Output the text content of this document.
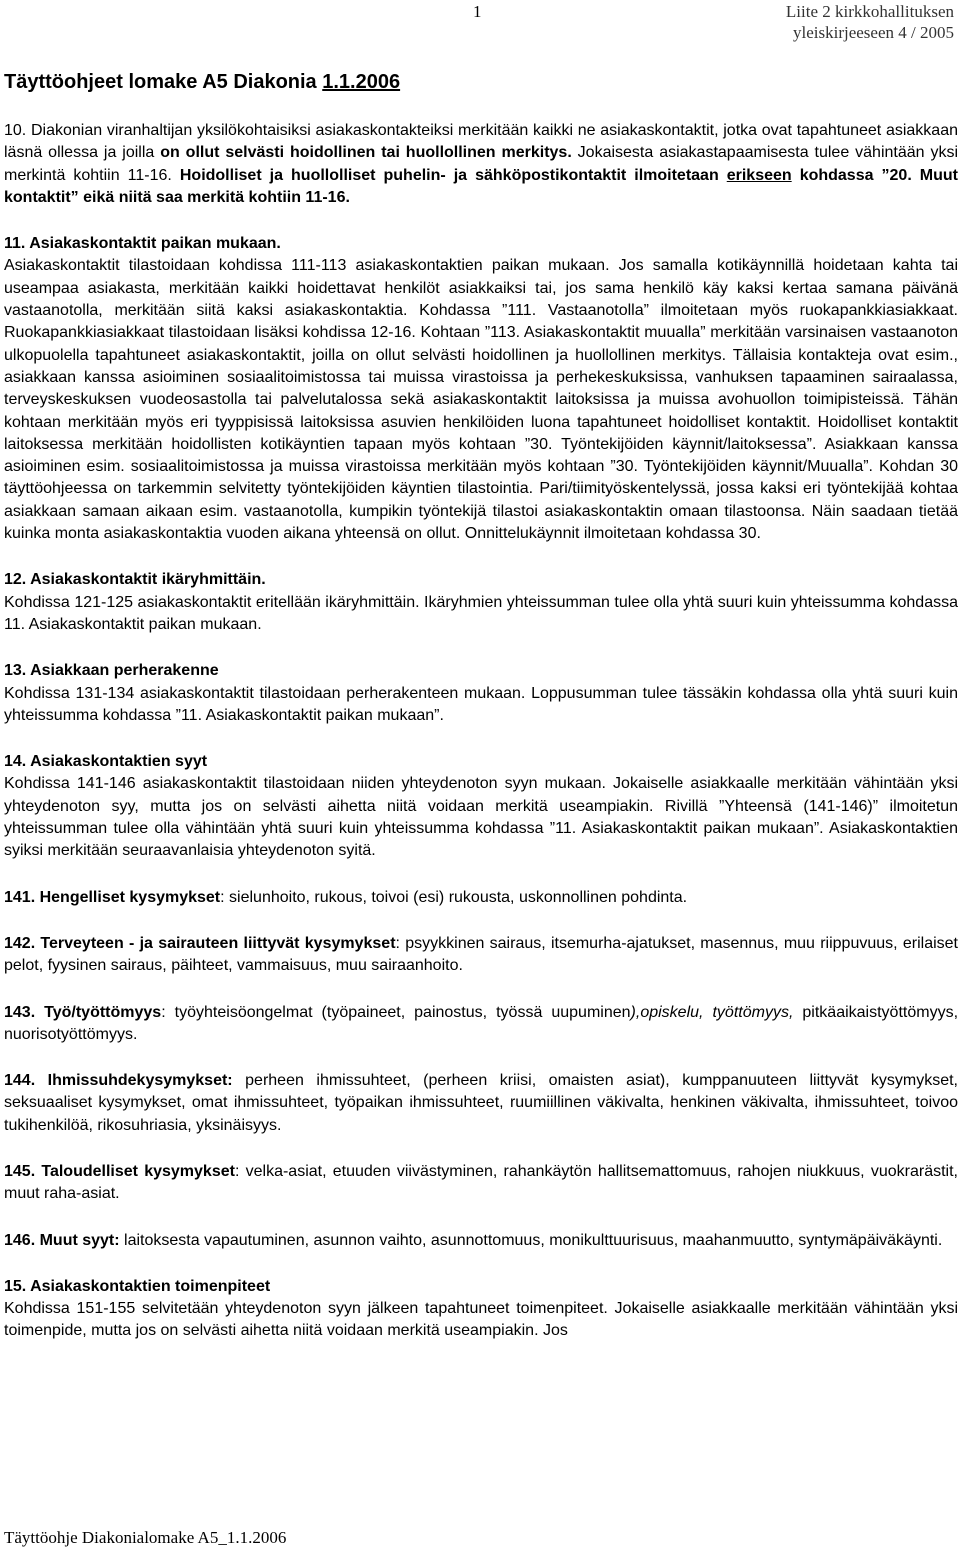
1	Liite 2 kirkkohallituksen
yleiskirjeeseen 4 / 2005
Täyttöohjeet lomake A5 Diakonia 1.1.2006

10. Diakonian viranhaltijan yksilökohtaisiksi asiakaskontakteiksi merkitään kaikki ne asiakaskontaktit, jotka ovat tapahtuneet asiakkaan läsnä ollessa ja joilla on ollut selvästi hoidollinen tai huollollinen merkitys. Jokaisesta asiakastapaamisesta tulee vähintään yksi merkintä kohtiin 11-16. Hoidolliset ja huollolliset puhelin- ja sähköpostikontaktit ilmoitetaan erikseen kohdassa ”20. Muut kontaktit” eikä niitä saa merkitä kohtiin 11-16.

11. Asiakaskontaktit paikan mukaan.

Asiakaskontaktit tilastoidaan kohdissa 111-113 asiakaskontaktien paikan mukaan. Jos samalla kotikäynnillä hoidetaan kahta tai useampaa asiakasta, merkitään kaikki hoidettavat henkilöt asiakkaiksi tai, jos sama henkilö käy kaksi kertaa samana päivänä vastaanotolla, merkitään siitä kaksi asiakaskontaktia. Kohdassa ”111. Vastaanotolla” ilmoitetaan myös ruokapankkiasiakkaat. Ruokapankkiasiakkaat tilastoidaan lisäksi kohdissa 12-16. Kohtaan ”113. Asiakaskontaktit muualla” merkitään varsinaisen vastaanoton ulkopuolella tapahtuneet asiakaskontaktit, joilla on ollut selvästi hoidollinen ja huollollinen merkitys. Tällaisia kontakteja ovat esim., asiakkaan kanssa asioiminen sosiaalitoimistossa tai muissa virastoissa ja perhekeskuksissa, vanhuksen tapaaminen sairaalassa, terveyskeskuksen vuodeosastolla tai palvelutalossa sekä asiakaskontaktit laitoksissa ja muissa avohuollon toimipisteissä. Tähän kohtaan merkitään myös eri tyyppisissä laitoksissa asuvien henkilöiden luona tapahtuneet hoidolliset kontaktit. Hoidolliset kontaktit laitoksessa merkitään hoidollisten kotikäyntien tapaan myös kohtaan ”30. Työntekijöiden käynnit/laitoksessa”. Asiakkaan kanssa asioiminen esim. sosiaalitoimistossa ja muissa virastoissa merkitään myös kohtaan ”30. Työntekijöiden käynnit/Muualla”. Kohdan 30 täyttöohjeessa on tarkemmin selvitetty työntekijöiden käyntien tilastointia. Pari/tiimityöskentelyssä, jossa kaksi eri työntekijää kohtaa asiakkaan samaan aikaan esim. vastaanotolla, kumpikin työntekijä tilastoi asiakaskontaktin omaan tilastoonsa. Näin saadaan tietää kuinka monta asiakaskontaktia vuoden aikana yhteensä on ollut. Onnittelukäynnit ilmoitetaan kohdassa 30.

12. Asiakaskontaktit ikäryhmittäin.

Kohdissa 121-125 asiakaskontaktit eritellään ikäryhmittäin. Ikäryhmien yhteissumman tulee olla yhtä suuri kuin yhteissumma kohdassa 11. Asiakaskontaktit paikan mukaan.

13. Asiakkaan perherakenne

Kohdissa 131-134 asiakaskontaktit tilastoidaan perherakenteen mukaan. Loppusumman tulee tässäkin kohdassa olla yhtä suuri kuin yhteissumma kohdassa ”11. Asiakaskontaktit paikan mukaan”.

14. Asiakaskontaktien syyt

Kohdissa 141-146 asiakaskontaktit tilastoidaan niiden yhteydenoton syyn mukaan. Jokaiselle asiakkaalle merkitään vähintään yksi yhteydenoton syy, mutta jos on selvästi aihetta niitä voidaan merkitä useampiakin. Rivillä ”Yhteensä (141-146)” ilmoitetun yhteissumman tulee olla vähintään yhtä suuri kuin yhteissumma kohdassa ”11. Asiakaskontaktit paikan mukaan”. Asiakaskontaktien syiksi merkitään seuraavanlaisia yhteydenoton syitä.

141. Hengelliset kysymykset: sielunhoito, rukous, toivoi (esi) rukousta, uskonnollinen pohdinta.

142. Terveyteen - ja sairauteen liittyvät kysymykset: psyykkinen sairaus, itsemurha-ajatukset, masennus, muu riippuvuus, erilaiset pelot, fyysinen sairaus, päihteet, vammaisuus, muu sairaanhoito.

143. Työ/työttömyys: työyhteisöongelmat (työpaineet, painostus, työssä uupuminen),opiskelu, työttömyys, pitkäaikaistyöttömyys, nuorisotyöttömyys.

144. Ihmissuhdekysymykset: perheen ihmissuhteet, (perheen kriisi, omaisten asiat), kumppanuuteen liittyvät kysymykset, seksuaaliset kysymykset, omat ihmissuhteet, työpaikan ihmissuhteet, ruumiillinen väkivalta, henkinen väkivalta, ihmissuhteet, toivoo tukihenkilöä, rikosuhriasia, yksinäisyys.

145. Taloudelliset kysymykset: velka-asiat, etuuden viivästyminen, rahankäytön hallitsemattomuus, rahojen niukkuus, vuokrarästit, muut raha-asiat.

146. Muut syyt: laitoksesta vapautuminen, asunnon vaihto, asunnottomuus, monikulttuurisuus, maahanmuutto, syntymäpäiväkäynti.

15. Asiakaskontaktien toimenpiteet

Kohdissa 151-155 selvitetään yhteydenoton syyn jälkeen tapahtuneet toimenpiteet. Jokaiselle asiakkaalle merkitään vähintään yksi toimenpide, mutta jos on selvästi aihetta niitä voidaan merkitä useampiakin. Jos

Täyttöohje Diakonialomake A5_1.1.2006
